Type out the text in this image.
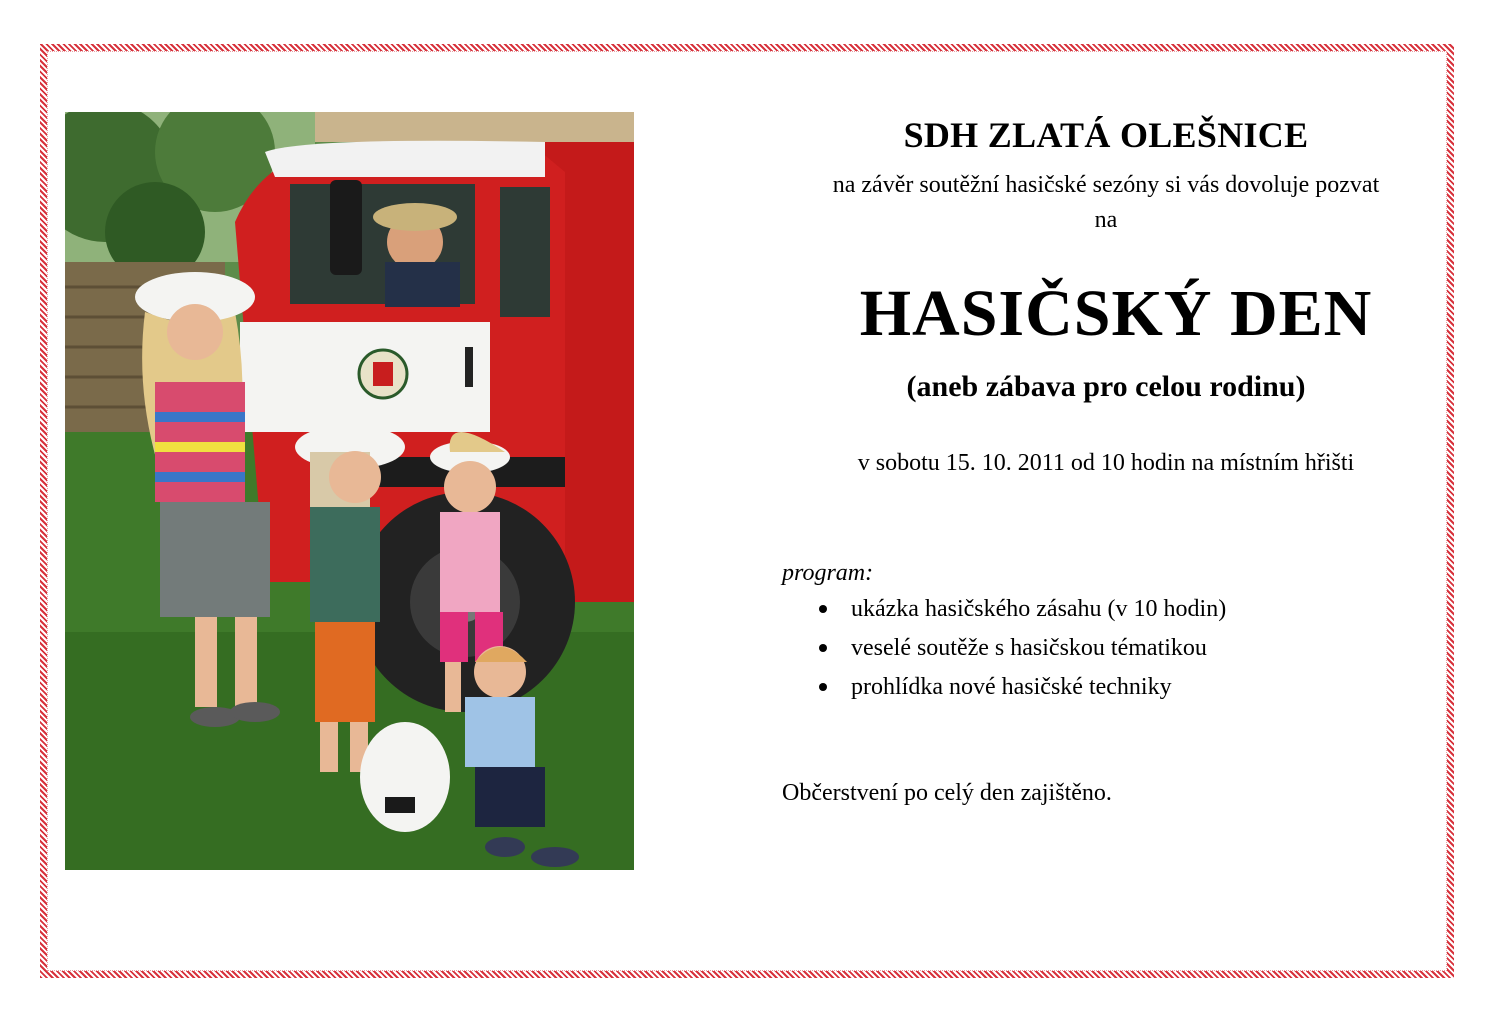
SDH ZLATÁ OLEŠNICE
na závěr soutěžní hasičské sezóny si vás dovoluje pozvat
na
HASIČSKÝ DEN
(aneb zábava pro celou rodinu)
v sobotu 15. 10. 2011 od 10 hodin na místním hřišti
program:
ukázka hasičského zásahu (v 10 hodin)
veselé soutěže s hasičskou tématikou
prohlídka nové hasičské techniky
Občerstvení po celý den zajištěno.
